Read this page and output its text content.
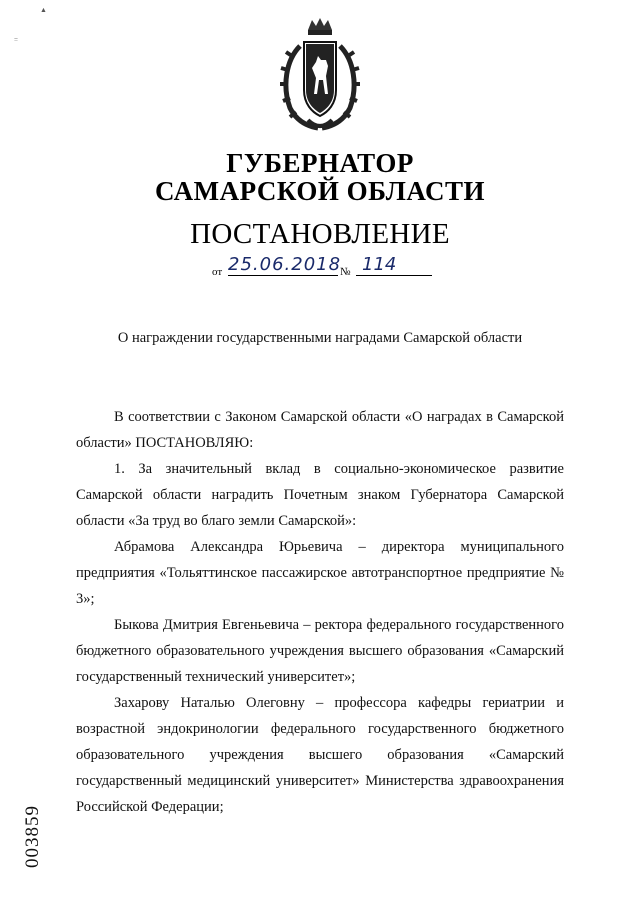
▲
=
ГУБЕРНАТОР
САМАРСКОЙ ОБЛАСТИ
ПОСТАНОВЛЕНИЕ
от 25.06.2018
№ 114
О награждении государственными наградами Самарской области

В соответствии с Законом Самарской области «О наградах в Самарской области» ПОСТАНОВЛЯЮ:

1. За значительный вклад в социально-экономическое развитие Самарской области наградить Почетным знаком Губернатора Самарской области «За труд во благо земли Самарской»:

Абрамова Александра Юрьевича – директора муниципального предприятия «Тольяттинское пассажирское автотранспортное предприятие № 3»;

Быкова Дмитрия Евгеньевича – ректора федерального государственного бюджетного образовательного учреждения высшего образования «Самарский государственный технический университет»;

Захарову Наталью Олеговну – профессора кафедры гериатрии и возрастной эндокринологии федерального государственного бюджетного образовательного учреждения высшего образования «Самарский государственный медицинский университет» Министерства здравоохранения Российской Федерации;

003859
